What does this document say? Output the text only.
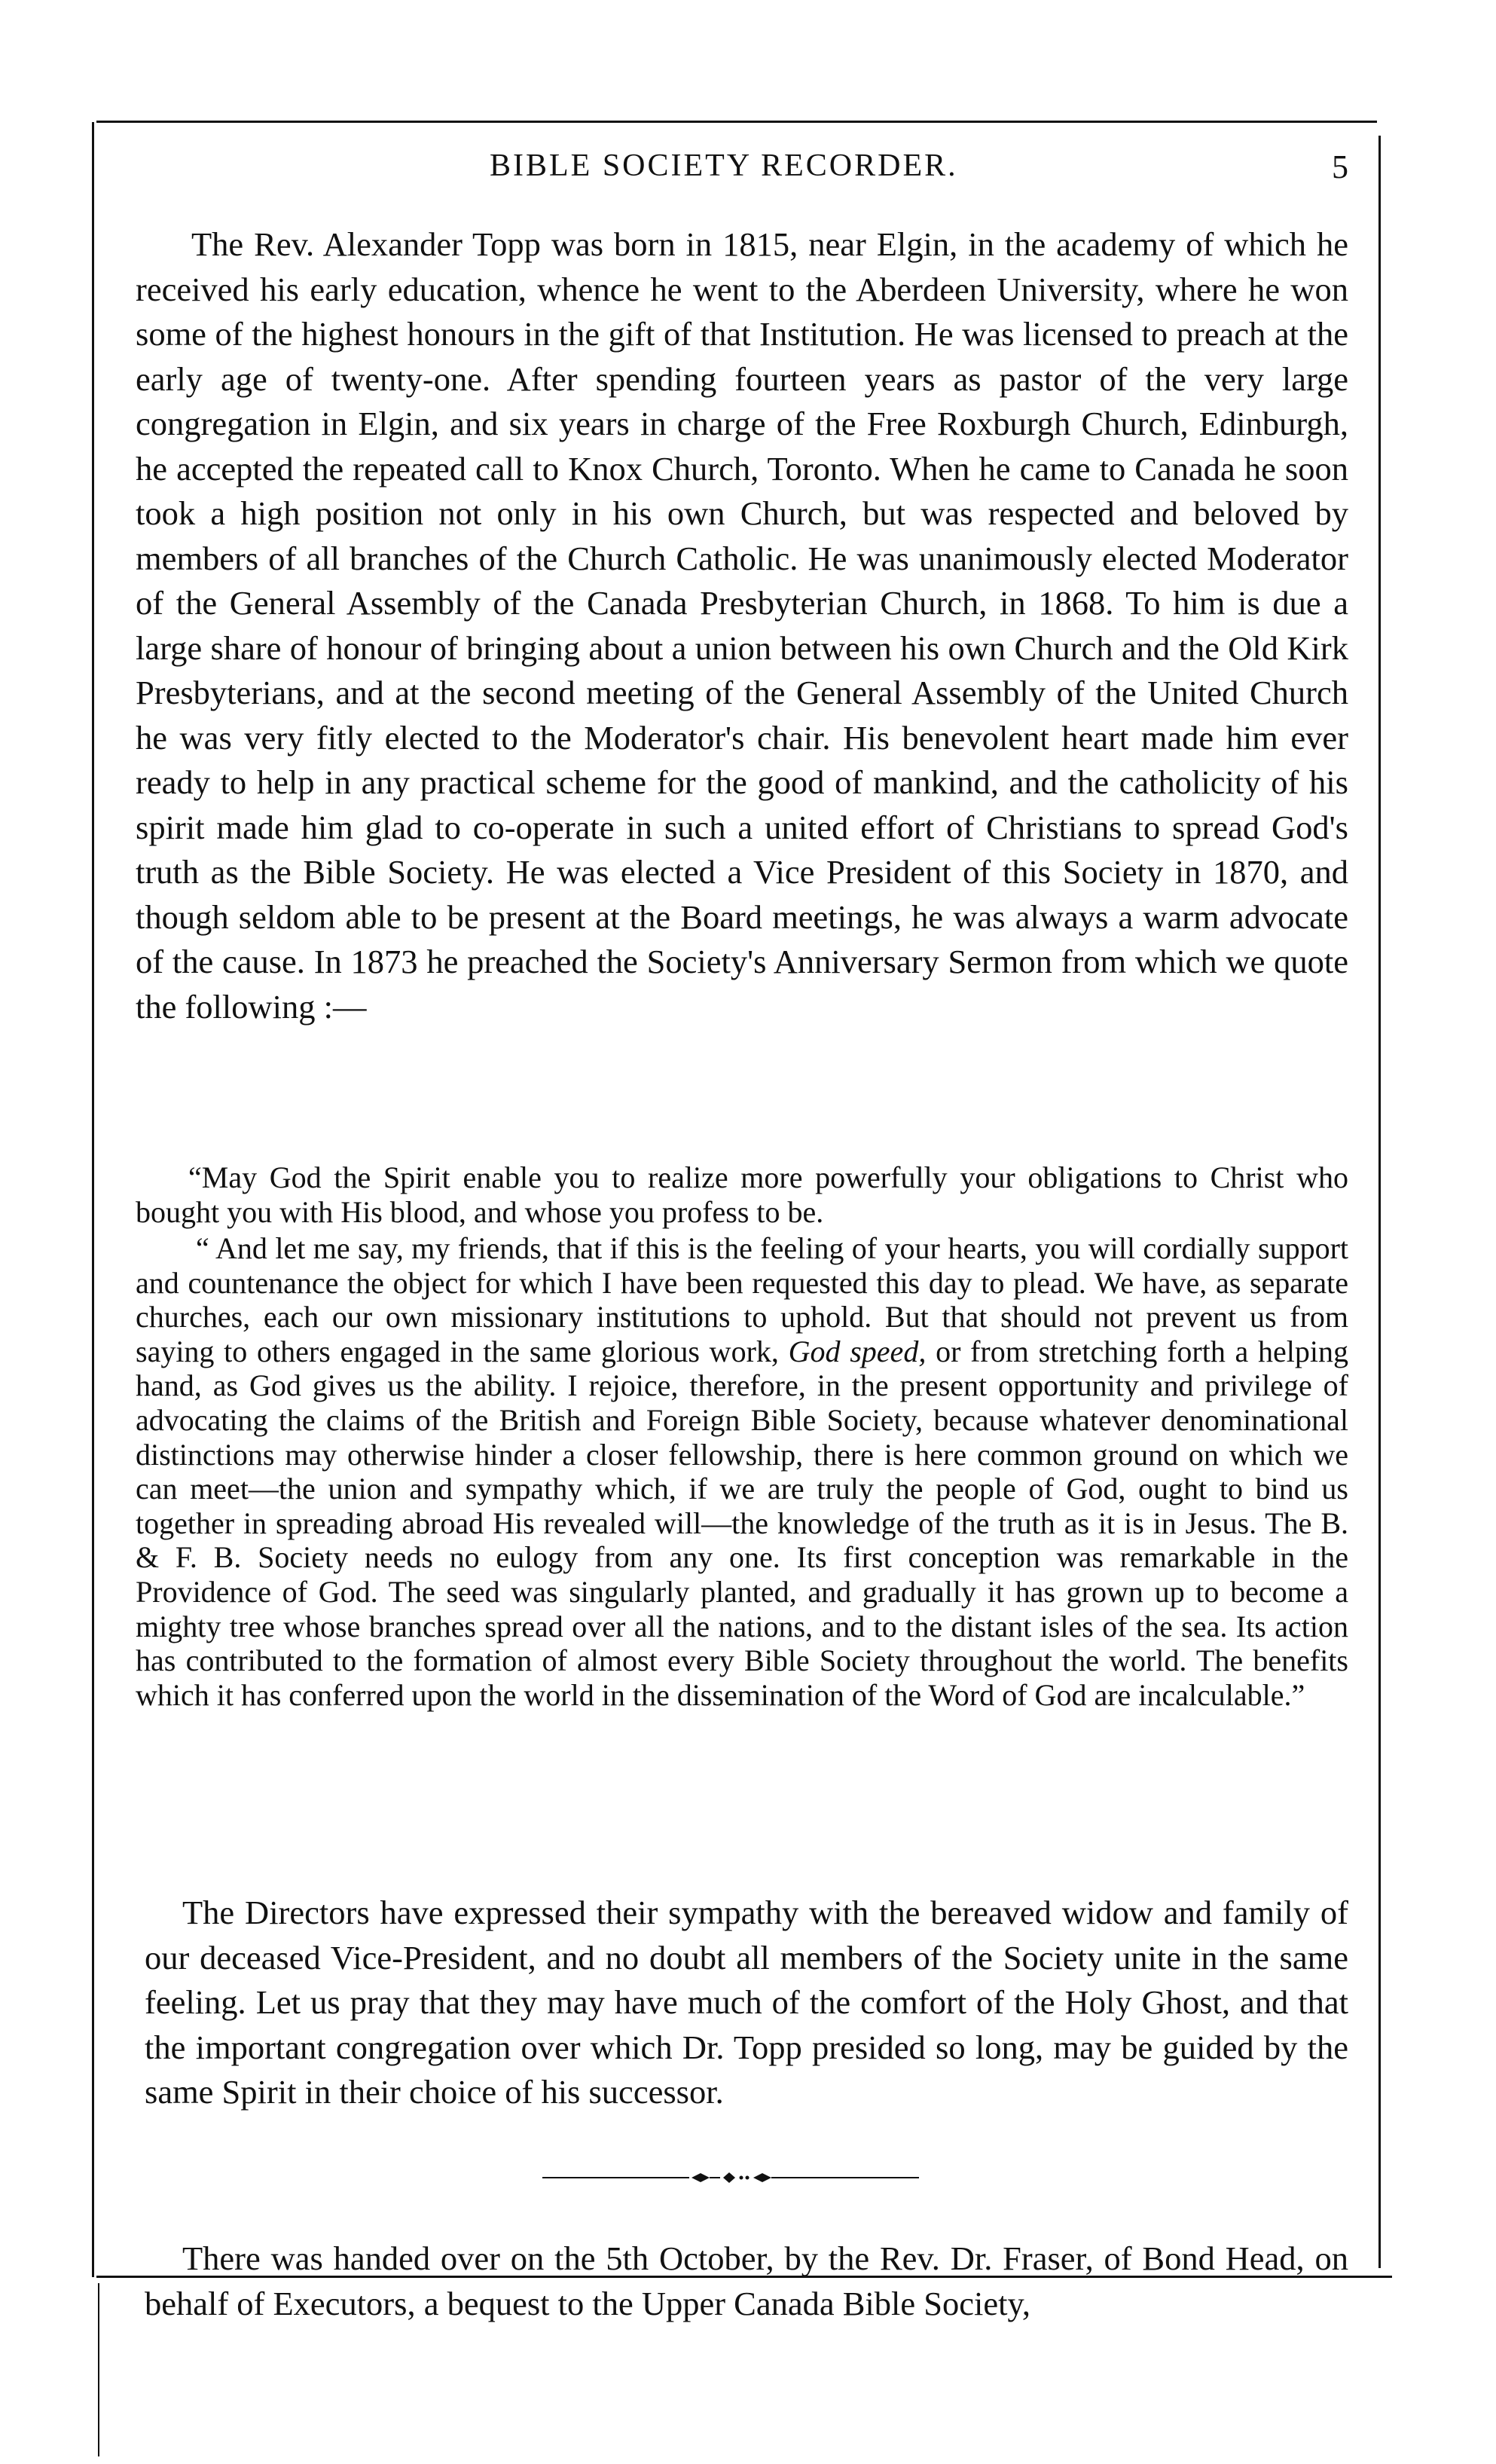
BIBLE SOCIETY RECORDER.	5

The Rev. Alexander Topp was born in 1815, near Elgin, in the academy of which he received his early education, whence he went to the Aberdeen University, where he won some of the highest honours in the gift of that Institution. He was licensed to preach at the early age of twenty-one. After spending fourteen years as pastor of the very large congregation in Elgin, and six years in charge of the Free Roxburgh Church, Edinburgh, he accepted the repeated call to Knox Church, Toronto. When he came to Canada he soon took a high position not only in his own Church, but was respected and beloved by members of all branches of the Church Catholic. He was unanimously elected Moderator of the General Assembly of the Canada Presbyterian Church, in 1868. To him is due a large share of honour of bringing about a union between his own Church and the Old Kirk Presbyterians, and at the second meeting of the General Assembly of the United Church he was very fitly elected to the Moderator's chair. His benevolent heart made him ever ready to help in any practical scheme for the good of mankind, and the catholicity of his spirit made him glad to co-operate in such a united effort of Christians to spread God's truth as the Bible Society. He was elected a Vice President of this Society in 1870, and though seldom able to be present at the Board meetings, he was always a warm advocate of the cause. In 1873 he preached the Society's Anniversary Sermon from which we quote the following :—

“May God the Spirit enable you to realize more powerfully your obligations to Christ who bought you with His blood, and whose you profess to be.

“ And let me say, my friends, that if this is the feeling of your hearts, you will cordially support and countenance the object for which I have been requested this day to plead. We have, as separate churches, each our own missionary institutions to uphold. But that should not prevent us from saying to others engaged in the same glorious work, God speed, or from stretching forth a helping hand, as God gives us the ability. I rejoice, therefore, in the present opportunity and privilege of advocating the claims of the British and Foreign Bible Society, because whatever denominational distinctions may otherwise hinder a closer fellowship, there is here common ground on which we can meet—the union and sympathy which, if we are truly the people of God, ought to bind us together in spreading abroad His revealed will—the knowledge of the truth as it is in Jesus. The B. & F. B. Society needs no eulogy from any one. Its first conception was remarkable in the Providence of God. The seed was singularly planted, and gradually it has grown up to become a mighty tree whose branches spread over all the nations, and to the distant isles of the sea. Its action has contributed to the formation of almost every Bible Society throughout the world. The benefits which it has conferred upon the world in the dissemination of the Word of God are incalculable.”

The Directors have expressed their sympathy with the bereaved widow and family of our deceased Vice-President, and no doubt all members of the Society unite in the same feeling. Let us pray that they may have much of the comfort of the Holy Ghost, and that the important congregation over which Dr. Topp presided so long, may be guided by the same Spirit in their choice of his successor.

There was handed over on the 5th October, by the Rev. Dr. Fraser, of Bond Head, on behalf of Executors, a bequest to the Upper Canada Bible Society,
